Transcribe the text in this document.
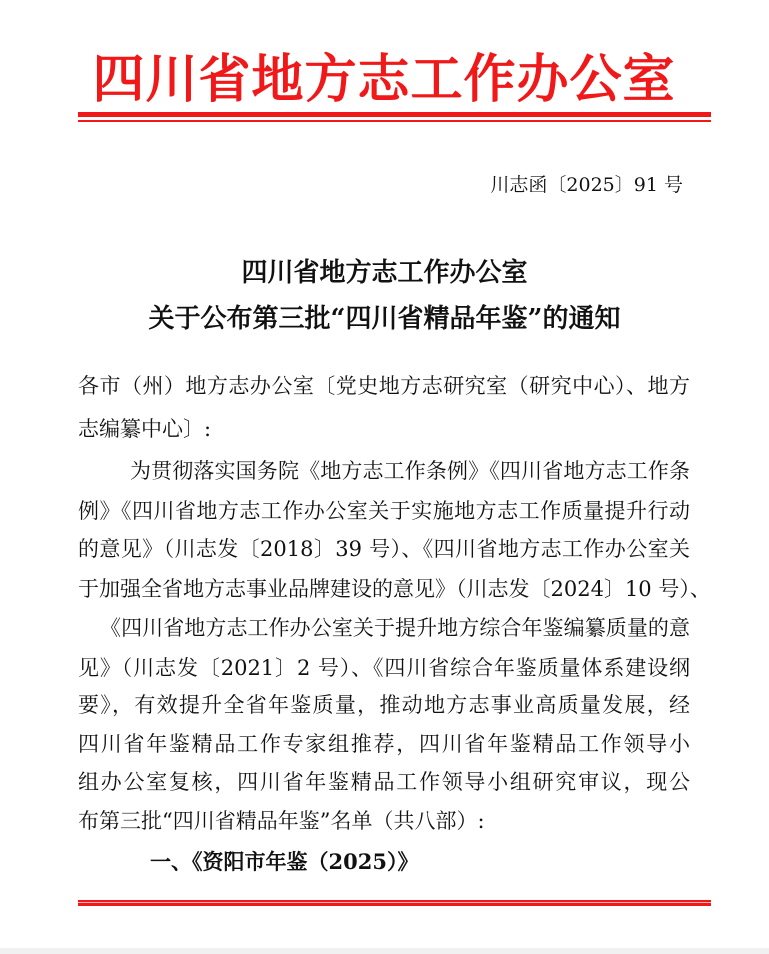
四川省地方志工作办公室
川志函〔2025〕91 号
四川省地方志工作办公室
关于公布第三批“四川省精品年鉴”的通知
各市（州）地方志办公室〔党史地方志研究室（研究中心）、地方
志编纂中心〕:
为贯彻落实国务院《地方志工作条例》《四川省地方志工作条
例》《四川省地方志工作办公室关于实施地方志工作质量提升行动
的意见》（川志发〔2018〕39 号）、《四川省地方志工作办公室关
于加强全省地方志事业品牌建设的意见》（川志发〔2024〕10 号）、
《四川省地方志工作办公室关于提升地方综合年鉴编纂质量的意
见》（川志发〔2021〕2 号）、《四川省综合年鉴质量体系建设纲
要》，有效提升全省年鉴质量，推动地方志事业高质量发展，经
四川省年鉴精品工作专家组推荐，四川省年鉴精品工作领导小
组办公室复核，四川省年鉴精品工作领导小组研究审议，现公
布第三批“四川省精品年鉴”名单（共八部）:
一、《资阳市年鉴（2025）》
